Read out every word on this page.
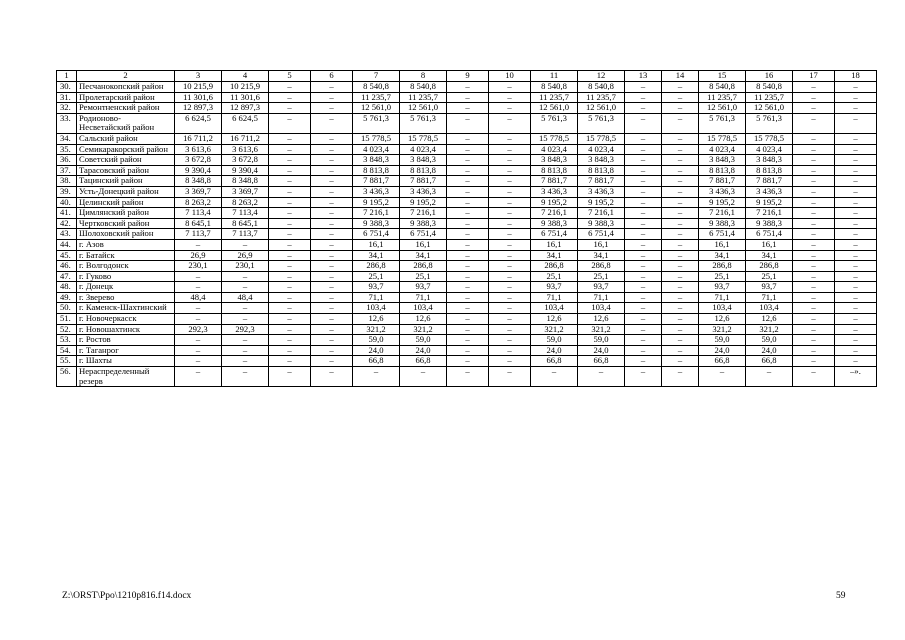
1	2	3	4	5	6	7	8	9	10	11	12	13	14	15	16	17	18
30.	Песчанокопский район	10 215,9	10 215,9	–	–	8 540,8	8 540,8	–	–	8 540,8	8 540,8	–	–	8 540,8	8 540,8	–	–
31.	Пролетарский район	11 301,6	11 301,6	–	–	11 235,7	11 235,7	–	–	11 235,7	11 235,7	–	–	11 235,7	11 235,7	–	–
32.	Ремонтненский район	12 897,3	12 897,3	–	–	12 561,0	12 561,0	–	–	12 561,0	12 561,0	–	–	12 561,0	12 561,0	–	–
33.	Родионово-Несветайский район	6 624,5	6 624,5	–	–	5 761,3	5 761,3	–	–	5 761,3	5 761,3	–	–	5 761,3	5 761,3	–	–
34.	Сальский район	16 711,2	16 711,2	–	–	15 778,5	15 778,5	–	–	15 778,5	15 778,5	–	–	15 778,5	15 778,5	–	–
35.	Семикаракорский район	3 613,6	3 613,6	–	–	4 023,4	4 023,4	–	–	4 023,4	4 023,4	–	–	4 023,4	4 023,4	–	–
36.	Советский район	3 672,8	3 672,8	–	–	3 848,3	3 848,3	–	–	3 848,3	3 848,3	–	–	3 848,3	3 848,3	–	–
37.	Тарасовский район	9 390,4	9 390,4	–	–	8 813,8	8 813,8	–	–	8 813,8	8 813,8	–	–	8 813,8	8 813,8	–	–
38.	Тацинский район	8 348,8	8 348,8	–	–	7 881,7	7 881,7	–	–	7 881,7	7 881,7	–	–	7 881,7	7 881,7	–	–
39.	Усть-Донецкий район	3 369,7	3 369,7	–	–	3 436,3	3 436,3	–	–	3 436,3	3 436,3	–	–	3 436,3	3 436,3	–	–
40.	Целинский район	8 263,2	8 263,2	–	–	9 195,2	9 195,2	–	–	9 195,2	9 195,2	–	–	9 195,2	9 195,2	–	–
41.	Цимлянский район	7 113,4	7 113,4	–	–	7 216,1	7 216,1	–	–	7 216,1	7 216,1	–	–	7 216,1	7 216,1	–	–
42.	Чертковский район	8 645,1	8 645,1	–	–	9 388,3	9 388,3	–	–	9 388,3	9 388,3	–	–	9 388,3	9 388,3	–	–
43.	Шолоховский район	7 113,7	7 113,7	–	–	6 751,4	6 751,4	–	–	6 751,4	6 751,4	–	–	6 751,4	6 751,4	–	–
44.	г. Азов	–	–	–	–	16,1	16,1	–	–	16,1	16,1	–	–	16,1	16,1	–	–
45.	г. Батайск	26,9	26,9	–	–	34,1	34,1	–	–	34,1	34,1	–	–	34,1	34,1	–	–
46.	г. Волгодонск	230,1	230,1	–	–	286,8	286,8	–	–	286,8	286,8	–	–	286,8	286,8	–	–
47.	г. Гуково	–	–	–	–	25,1	25,1	–	–	25,1	25,1	–	–	25,1	25,1	–	–
48.	г. Донецк	–	–	–	–	93,7	93,7	–	–	93,7	93,7	–	–	93,7	93,7	–	–
49.	г. Зверево	48,4	48,4	–	–	71,1	71,1	–	–	71,1	71,1	–	–	71,1	71,1	–	–
50.	г. Каменск-Шахтинский	–	–	–	–	103,4	103,4	–	–	103,4	103,4	–	–	103,4	103,4	–	–
51.	г. Новочеркасск	–	–	–	–	12,6	12,6	–	–	12,6	12,6	–	–	12,6	12,6	–	–
52.	г. Новошахтинск	292,3	292,3	–	–	321,2	321,2	–	–	321,2	321,2	–	–	321,2	321,2	–	–
53.	г. Ростов	–	–	–	–	59,0	59,0	–	–	59,0	59,0	–	–	59,0	59,0	–	–
54.	г. Таганрог	–	–	–	–	24,0	24,0	–	–	24,0	24,0	–	–	24,0	24,0	–	–
55.	г. Шахты	–	–	–	–	66,8	66,8	–	–	66,8	66,8	–	–	66,8	66,8	–	–
56.	Нераспределенный резерв	–	–	–	–	–	–	–	–	–	–	–	–	–	–	–	–».
Z:\ORST\Ppo\1210p816.f14.docx	59
